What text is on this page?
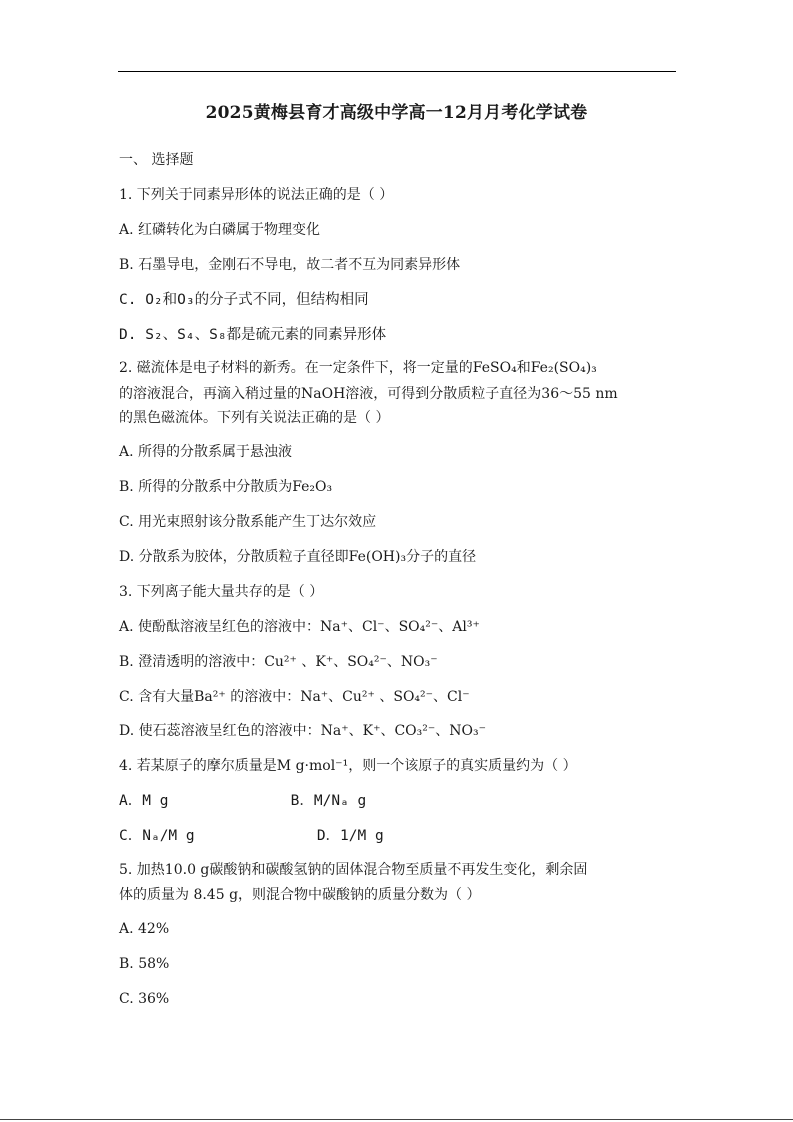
2025黄梅县育才高级中学高一12月月考化学试卷
一、 选择题
1. 下列关于同素异形体的说法正确的是（ ）
A. 红磷转化为白磷属于物理变化
B. 石墨导电，金刚石不导电，故二者不互为同素异形体
C. O₂和O₃的分子式不同，但结构相同
D. S₂、S₄、S₈都是硫元素的同素异形体
2. 磁流体是电子材料的新秀。在一定条件下，将一定量的FeSO₄和Fe₂(SO₄)₃
的溶液混合，再滴入稍过量的NaOH溶液，可得到分散质粒子直径为36～55 nm
的黑色磁流体。下列有关说法正确的是（ ）
A. 所得的分散系属于悬浊液
B. 所得的分散系中分散质为Fe₂O₃
C. 用光束照射该分散系能产生丁达尔效应
D. 分散系为胶体，分散质粒子直径即Fe(OH)₃分子的直径
3. 下列离子能大量共存的是（ ）
A. 使酚酞溶液呈红色的溶液中：Na⁺、Cl⁻、SO₄²⁻、Al³⁺
B. 澄清透明的溶液中：Cu²⁺ 、K⁺、SO₄²⁻、NO₃⁻
C. 含有大量Ba²⁺ 的溶液中：Na⁺、Cu²⁺ 、SO₄²⁻、Cl⁻
D. 使石蕊溶液呈红色的溶液中：Na⁺、K⁺、CO₃²⁻、NO₃⁻
4. 若某原子的摩尔质量是M g·mol⁻¹，则一个该原子的真实质量约为（ ）
A．M g              B．M/Nₐ g
C．Nₐ/M g              D．1/M g
5. 加热10.0 g碳酸钠和碳酸氢钠的固体混合物至质量不再发生变化，剩余固
体的质量为 8.45 g，则混合物中碳酸钠的质量分数为（ ）
A. 42%
B. 58%
C. 36%
